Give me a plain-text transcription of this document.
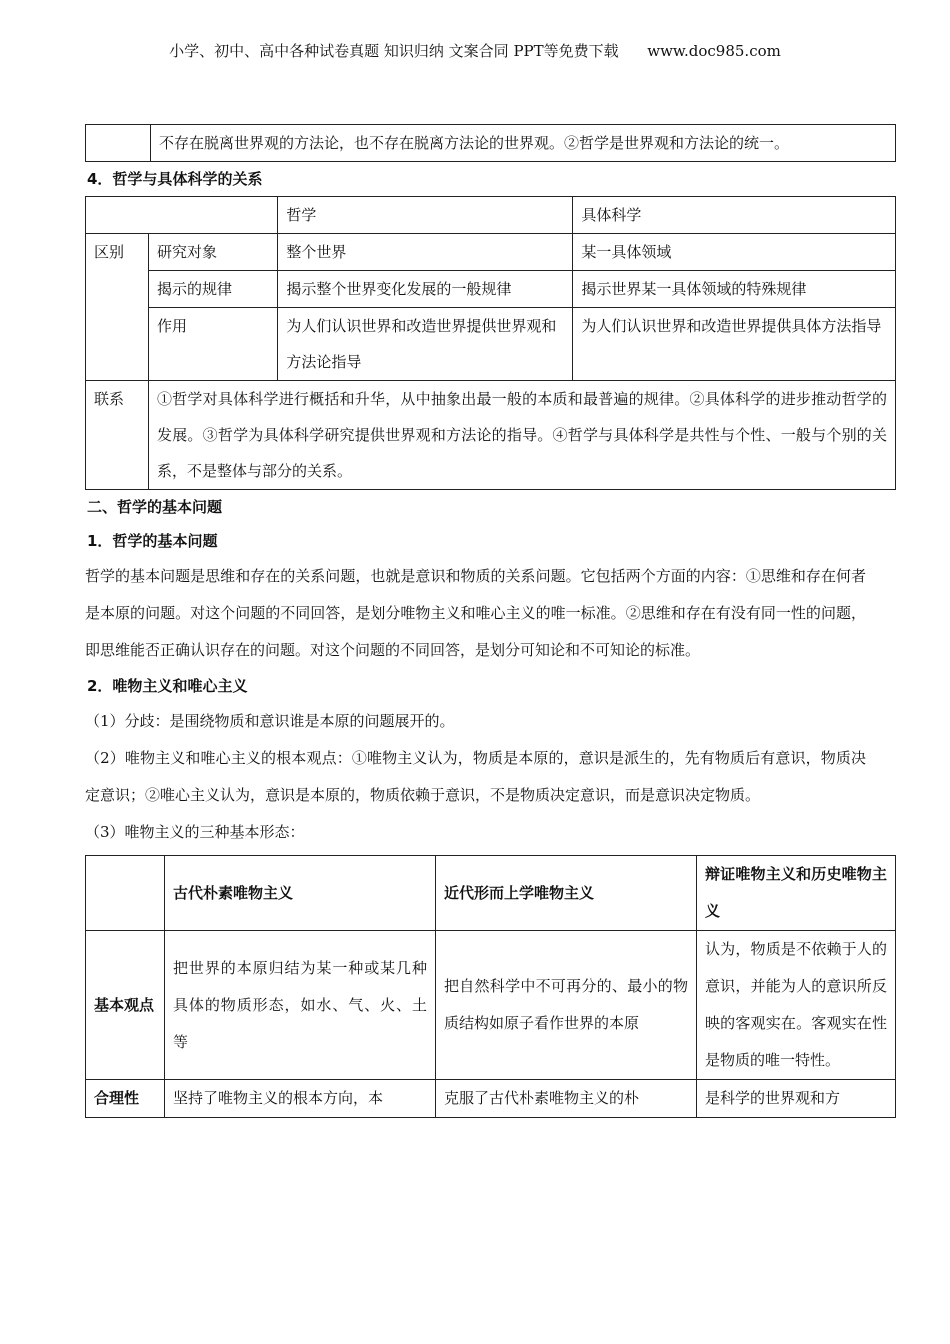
小学、初中、高中各种试卷真题 知识归纳 文案合同 PPT等免费下载 www.doc985.com
	不存在脱离世界观的方法论，也不存在脱离方法论的世界观。②哲学是世界观和方法论的统一。
4．哲学与具体科学的关系
		哲学	具体科学
区别	研究对象	整个世界	某一具体领域
	揭示的规律	揭示整个世界变化发展的一般规律	揭示世界某一具体领域的特殊规律
	作用	为人们认识世界和改造世界提供世界观和方法论指导	为人们认识世界和改造世界提供具体方法指导
联系	①哲学对具体科学进行概括和升华，从中抽象出最一般的本质和最普遍的规律。②具体科学的进步推动哲学的发展。③哲学为具体科学研究提供世界观和方法论的指导。④哲学与具体科学是共性与个性、一般与个别的关系，不是整体与部分的关系。		
二、哲学的基本问题
1．哲学的基本问题
哲学的基本问题是思维和存在的关系问题，也就是意识和物质的关系问题。它包括两个方面的内容：①思维和存在何者是本原的问题。对这个问题的不同回答，是划分唯物主义和唯心主义的唯一标准。②思维和存在有没有同一性的问题，即思维能否正确认识存在的问题。对这个问题的不同回答，是划分可知论和不可知论的标准。
2．唯物主义和唯心主义
（1）分歧：是围绕物质和意识谁是本原的问题展开的。
（2）唯物主义和唯心主义的根本观点：①唯物主义认为，物质是本原的，意识是派生的，先有物质后有意识，物质决定意识；②唯心主义认为，意识是本原的，物质依赖于意识，不是物质决定意识，而是意识决定物质。
（3）唯物主义的三种基本形态：
	古代朴素唯物主义	近代形而上学唯物主义	辩证唯物主义和历史唯物主义
基本观点	把世界的本原归结为某一种或某几种具体的物质形态，如水、气、火、土等	把自然科学中不可再分的、最小的物质结构如原子看作世界的本原	认为，物质是不依赖于人的意识，并能为人的意识所反映的客观实在。客观实在性是物质的唯一特性。
合理性	坚持了唯物主义的根本方向，本	克服了古代朴素唯物主义的朴	是科学的世界观和方
